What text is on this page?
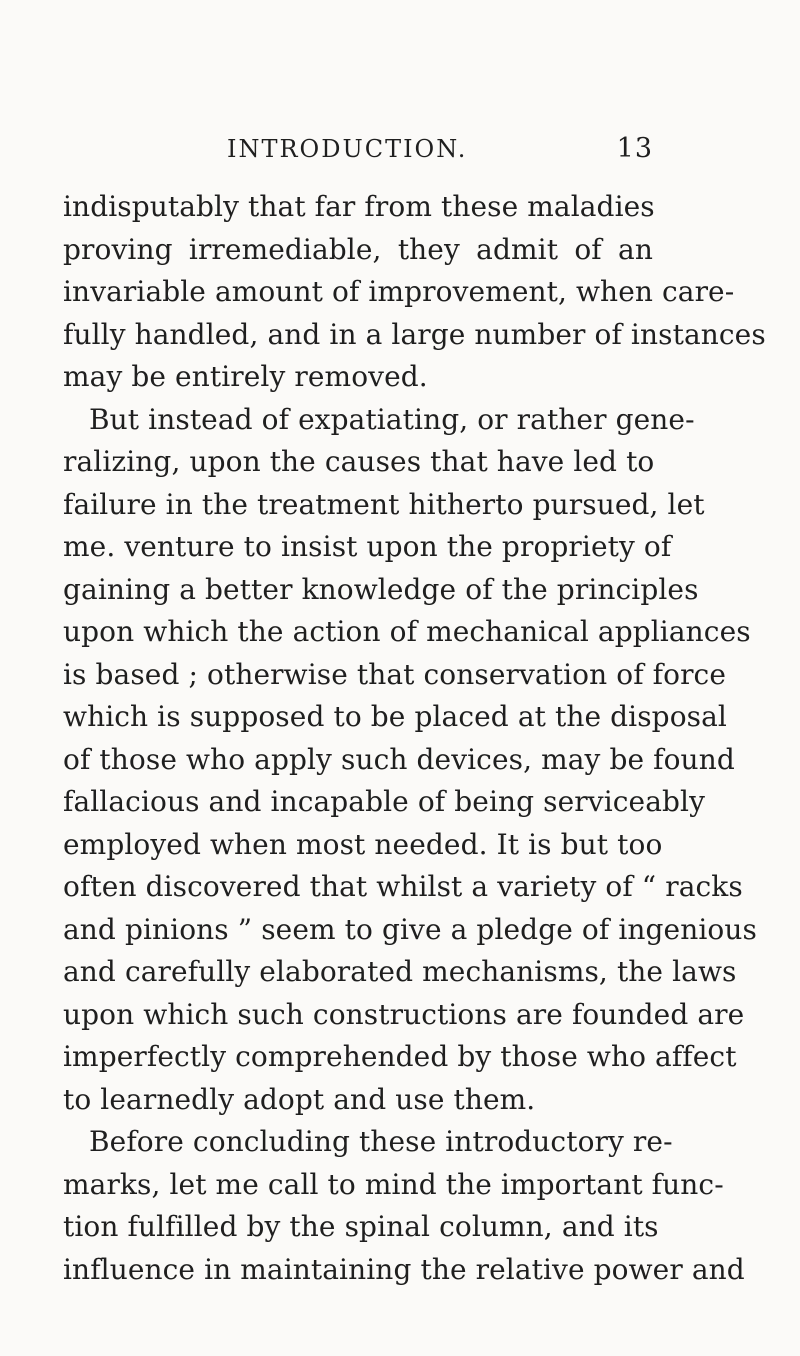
INTRODUCTION.	13
indisputably that far from these maladies
proving irremediable, they admit of an
invariable amount of improvement, when care-
fully handled, and in a large number of instances
may be entirely removed.
But instead of expatiating, or rather gene-
ralizing, upon the causes that have led to
failure in the treatment hitherto pursued, let
me. venture to insist upon the propriety of
gaining a better knowledge of the principles
upon which the action of mechanical appliances
is based ; otherwise that conservation of force
which is supposed to be placed at the disposal
of those who apply such devices, may be found
fallacious and incapable of being serviceably
employed when most needed. It is but too
often discovered that whilst a variety of “ racks
and pinions ” seem to give a pledge of ingenious
and carefully elaborated mechanisms, the laws
upon which such constructions are founded are
imperfectly comprehended by those who affect
to learnedly adopt and use them.
Before concluding these introductory re-
marks, let me call to mind the important func-
tion fulfilled by the spinal column, and its
influence in maintaining the relative power and
